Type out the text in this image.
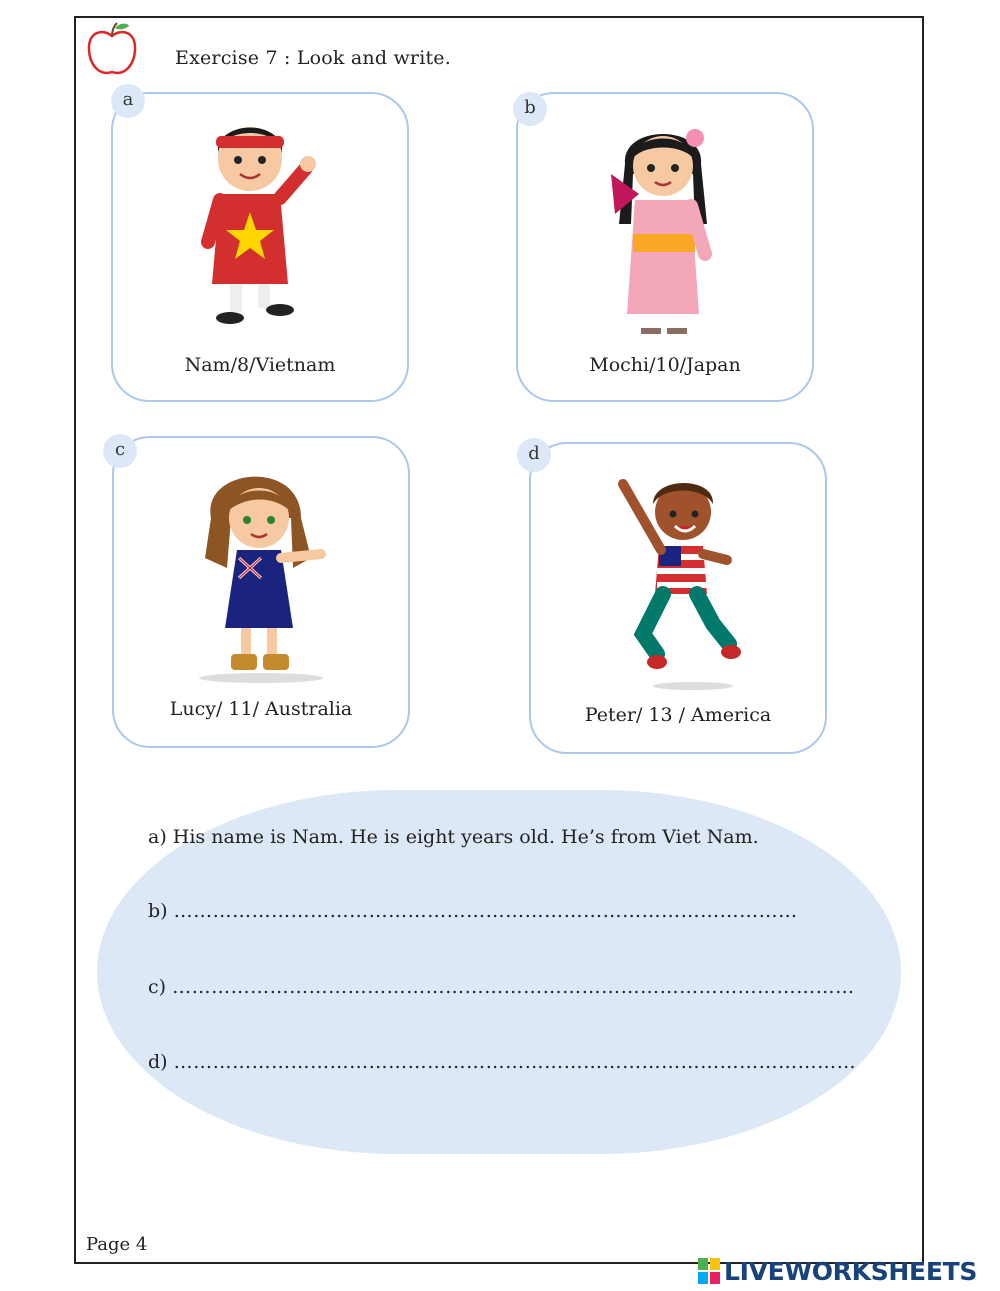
Exercise 7 : Look and write.
Nam/8/Vietnam	Mochi/10/Japan
Lucy/ 11/ Australia	Peter/ 13 / America
a	b
c	d
a) His name is Nam. He is eight years old. He’s from Viet Nam.
b) ……………………………………………………………………………………
c) ……………………………………………………………………………………………
d) ……………………………………………………………………………………………
Page 4
LIVEWORKSHEETS
